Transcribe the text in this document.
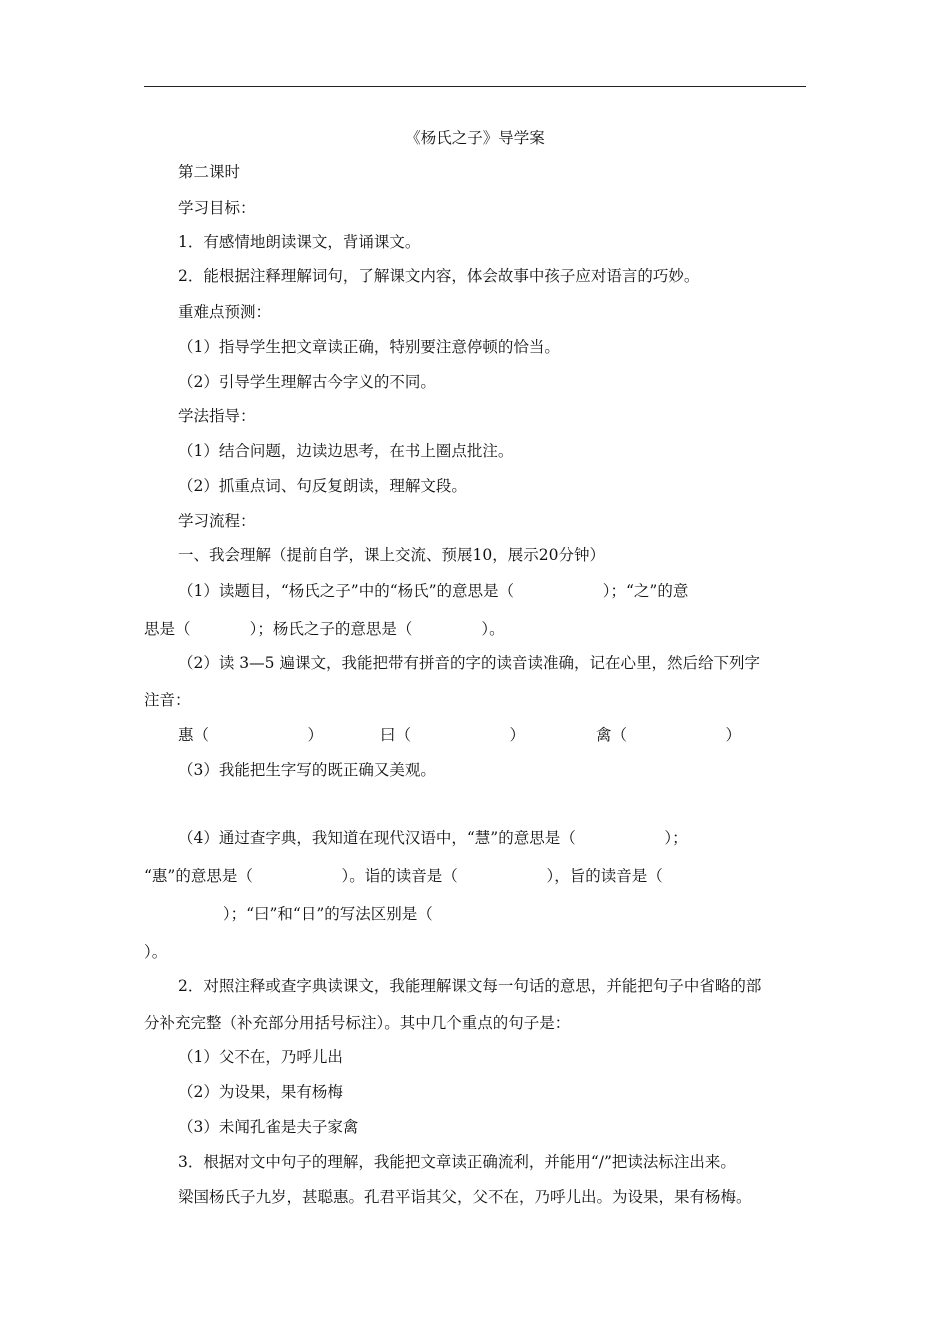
《杨氏之子》导学案
第二课时
学习目标：
1．有感情地朗读课文，背诵课文。
2．能根据注释理解词句，了解课文内容，体会故事中孩子应对语言的巧妙。
重难点预测：
（1）指导学生把文章读正确，特别要注意停顿的恰当。
（2）引导学生理解古今字义的不同。
学法指导：
（1）结合问题，边读边思考，在书上圈点批注。
（2）抓重点词、句反复朗读，理解文段。
学习流程：
一、我会理解（提前自学，课上交流、预展10，展示20分钟）
（1）读题目，“杨氏之子”中的“杨氏”的意思是（                  ）；“之”的意
思是（            ）；杨氏之子的意思是（              ）。
（2）读 3—5 遍课文，我能把带有拼音的字的读音读准确，记在心里，然后给下列字
注音：
惠（                    ）	曰（                    ）	禽（                    ）
（3）我能把生字写的既正确又美观。
（4）通过查字典，我知道在现代汉语中，“慧”的意思是（                  ）；
“惠”的意思是（                  ）。诣的读音是（                  ），旨的读音是（
）；“曰”和“日”的写法区别是（
）。
2．对照注释或查字典读课文，我能理解课文每一句话的意思，并能把句子中省略的部
分补充完整（补充部分用括号标注）。其中几个重点的句子是：
（1）父不在，乃呼儿出
（2）为设果，果有杨梅
（3）未闻孔雀是夫子家禽
3．根据对文中句子的理解，我能把文章读正确流利，并能用“/”把读法标注出来。
梁国杨氏子九岁，甚聪惠。孔君平诣其父，父不在，乃呼儿出。为设果，果有杨梅。
